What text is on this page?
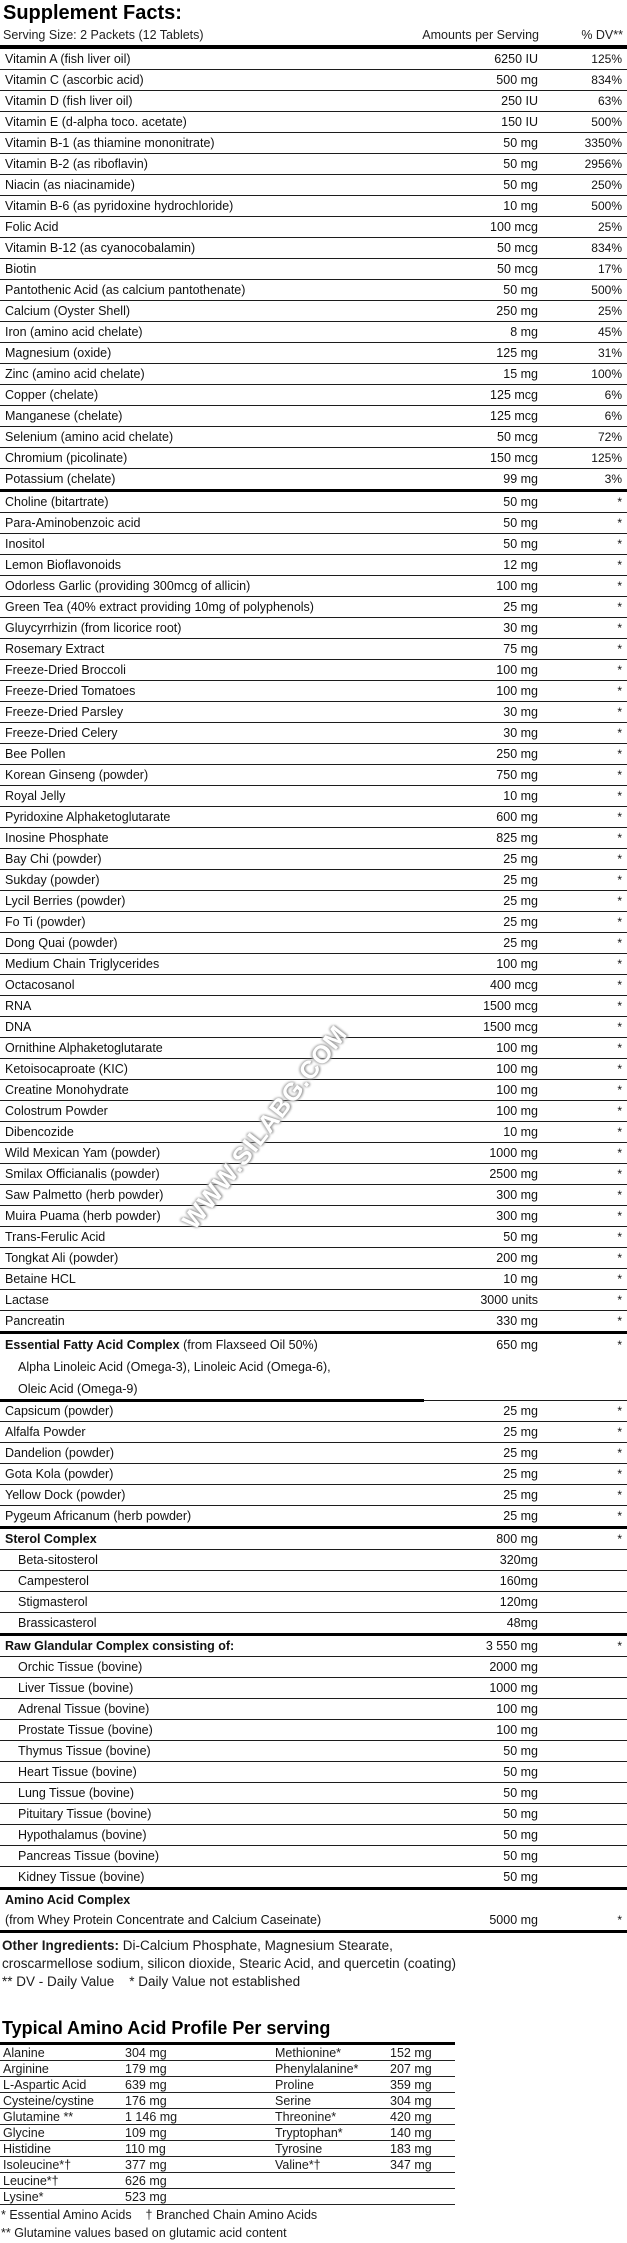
Supplement Facts:
Serving Size: 2 Packets (12 Tablets)	Amounts per Serving	% DV**
Vitamin A (fish liver oil)	6250 IU	125%
Vitamin C (ascorbic acid)	500 mg	834%
Vitamin D (fish liver oil)	250 IU	63%
Vitamin E (d-alpha toco. acetate)	150 IU	500%
Vitamin B-1 (as thiamine mononitrate)	50 mg	3350%
Vitamin B-2 (as riboflavin)	50 mg	2956%
Niacin (as niacinamide)	50 mg	250%
Vitamin B-6 (as pyridoxine hydrochloride)	10 mg	500%
Folic Acid	100 mcg	25%
Vitamin B-12 (as cyanocobalamin)	50 mcg	834%
Biotin	50 mcg	17%
Pantothenic Acid (as calcium pantothenate)	50 mg	500%
Calcium (Oyster Shell)	250 mg	25%
Iron (amino acid chelate)	8 mg	45%
Magnesium (oxide)	125 mg	31%
Zinc (amino acid chelate)	15 mg	100%
Copper (chelate)	125 mcg	6%
Manganese (chelate)	125 mcg	6%
Selenium (amino acid chelate)	50 mcg	72%
Chromium (picolinate)	150 mcg	125%
Potassium (chelate)	99 mg	3%
Choline (bitartrate)	50 mg	*
Para-Aminobenzoic acid	50 mg	*
Inositol	50 mg	*
Lemon Bioflavonoids	12 mg	*
Odorless Garlic (providing 300mcg of allicin)	100 mg	*
Green Tea (40% extract providing 10mg of polyphenols)	25 mg	*
Gluycyrrhizin (from licorice root)	30 mg	*
Rosemary Extract	75 mg	*
Freeze-Dried Broccoli	100 mg	*
Freeze-Dried Tomatoes	100 mg	*
Freeze-Dried Parsley	30 mg	*
Freeze-Dried Celery	30 mg	*
Bee Pollen	250 mg	*
Korean Ginseng (powder)	750 mg	*
Royal Jelly	10 mg	*
Pyridoxine Alphaketoglutarate	600 mg	*
Inosine Phosphate	825 mg	*
Bay Chi (powder)	25 mg	*
Sukday (powder)	25 mg	*
Lycil Berries (powder)	25 mg	*
Fo Ti (powder)	25 mg	*
Dong Quai (powder)	25 mg	*
Medium Chain Triglycerides	100 mg	*
Octacosanol	400 mcg	*
RNA	1500 mcg	*
DNA	1500 mcg	*
Ornithine Alphaketoglutarate	100 mg	*
Ketoisocaproate (KIC)	100 mg	*
Creatine Monohydrate	100 mg	*
Colostrum Powder	100 mg	*
Dibencozide	10 mg	*
Wild Mexican Yam (powder)	1000 mg	*
Smilax Officianalis (powder)	2500 mg	*
Saw Palmetto (herb powder)	300 mg	*
Muira Puama (herb powder)	300 mg	*
Trans-Ferulic Acid	50 mg	*
Tongkat Ali (powder)	200 mg	*
Betaine HCL	10 mg	*
Lactase	3000 units	*
Pancreatin	330 mg	*
Essential Fatty Acid Complex (from Flaxseed Oil 50%)	650 mg	*
Alpha Linoleic Acid (Omega-3), Linoleic Acid (Omega-6),
Oleic Acid (Omega-9)
Capsicum (powder)	25 mg	*
Alfalfa Powder	25 mg	*
Dandelion (powder)	25 mg	*
Gota Kola (powder)	25 mg	*
Yellow Dock (powder)	25 mg	*
Pygeum Africanum (herb powder)	25 mg	*
Sterol Complex	800 mg	*
Beta-sitosterol	320mg
Campesterol	160mg
Stigmasterol	120mg
Brassicasterol	48mg
Raw Glandular Complex consisting of:	3 550 mg	*
Orchic Tissue (bovine)	2000 mg
Liver Tissue (bovine)	1000 mg
Adrenal Tissue (bovine)	100 mg
Prostate Tissue (bovine)	100 mg
Thymus Tissue (bovine)	50 mg
Heart Tissue (bovine)	50 mg
Lung Tissue (bovine)	50 mg
Pituitary Tissue (bovine)	50 mg
Hypothalamus (bovine)	50 mg
Pancreas Tissue (bovine)	50 mg
Kidney Tissue (bovine)	50 mg
Amino Acid Complex
(from Whey Protein Concentrate and Calcium Caseinate)	5000 mg	*

Other Ingredients: Di-Calcium Phosphate, Magnesium Stearate,

croscarmellose sodium, silicon dioxide, Stearic Acid, and quercetin (coating)

** DV - Daily Value    * Daily Value not established

Typical Amino Acid Profile Per serving
Alanine	304 mg	Methionine*	152 mg
Arginine	179 mg	Phenylalanine*	207 mg
L-Aspartic Acid	639 mg	Proline	359 mg
Cysteine/cystine	176 mg	Serine	304 mg
Glutamine **	1 146 mg	Threonine*	420 mg
Glycine	109 mg	Tryptophan*	140 mg
Histidine	110 mg	Tyrosine	183 mg
Isoleucine*†	377 mg	Valine*†	347 mg
Leucine*†	626 mg
Lysine*	523 mg

* Essential Amino Acids    † Branched Chain Amino Acids

** Glutamine values based on glutamic acid content

WWW.SILABG.COM
